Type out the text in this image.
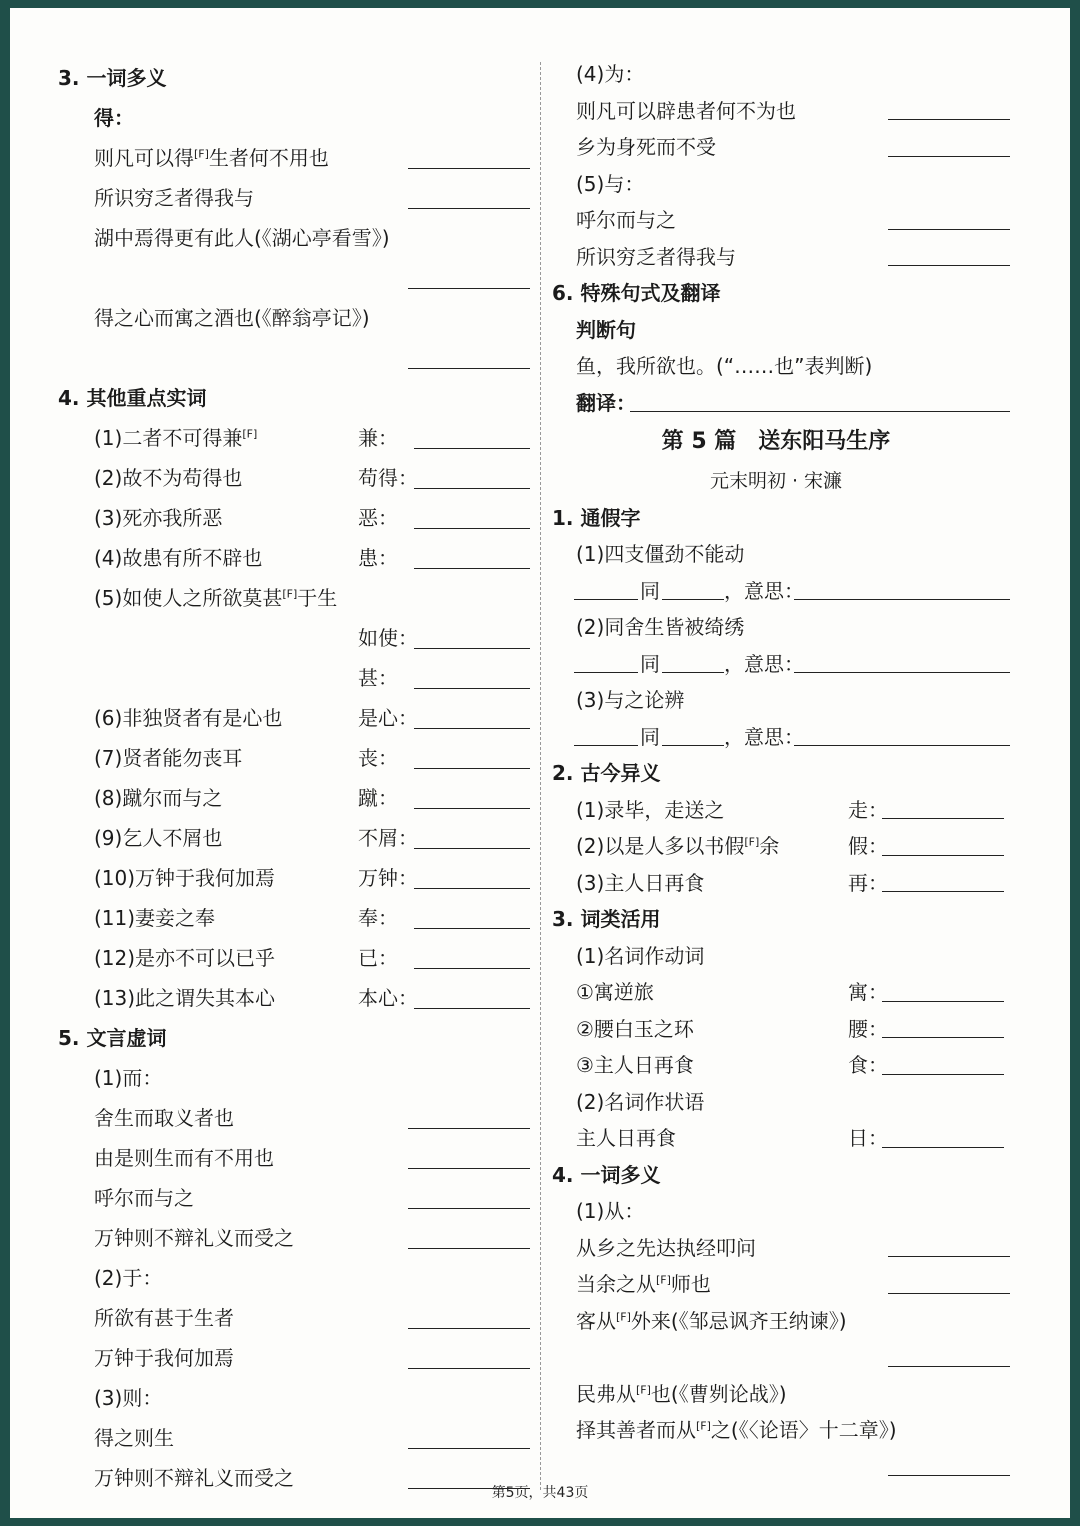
3. 一词多义
得：
则凡可以得[F]生者何不用也
所识穷乏者得我与
湖中焉得更有此人(《湖心亭看雪》)
得之心而寓之酒也(《醉翁亭记》)
4. 其他重点实词
(1)二者不可得兼[F]	兼：
(2)故不为苟得也	苟得：
(3)死亦我所恶	恶：
(4)故患有所不辟也	患：
(5)如使人之所欲莫甚[F]于生
如使：
甚：
(6)非独贤者有是心也	是心：
(7)贤者能勿丧耳	丧：
(8)蹴尔而与之	蹴：
(9)乞人不屑也	不屑：
(10)万钟于我何加焉	万钟：
(11)妻妾之奉	奉：
(12)是亦不可以已乎	已：
(13)此之谓失其本心	本心：
5. 文言虚词
(1)而：
舍生而取义者也
由是则生而有不用也
呼尔而与之
万钟则不辩礼义而受之
(2)于：
所欲有甚于生者
万钟于我何加焉
(3)则：
得之则生
万钟则不辩礼义而受之
(4)为：
则凡可以辟患者何不为也
乡为身死而不受
(5)与：
呼尔而与之
所识穷乏者得我与
6. 特殊句式及翻译
判断句
鱼，我所欲也。(“……也”表判断)
翻译：
第 5 篇　送东阳马生序
元末明初 · 宋濂
1. 通假字
(1)四支僵劲不能动
同	，意思：
(2)同舍生皆被绮绣
同	，意思：
(3)与之论辨
同	，意思：
2. 古今异义
(1)录毕，走送之	走：
(2)以是人多以书假[F]余	假：
(3)主人日再食	再：
3. 词类活用
(1)名词作动词
①寓逆旅	寓：
②腰白玉之环	腰：
③主人日再食	食：
(2)名词作状语
主人日再食	日：
4. 一词多义
(1)从：
从乡之先达执经叩问
当余之从[F]师也
客从[F]外来(《邹忌讽齐王纳谏》)
民弗从[F]也(《曹刿论战》)
择其善者而从[F]之(《〈论语〉十二章》)
第5页，共43页
